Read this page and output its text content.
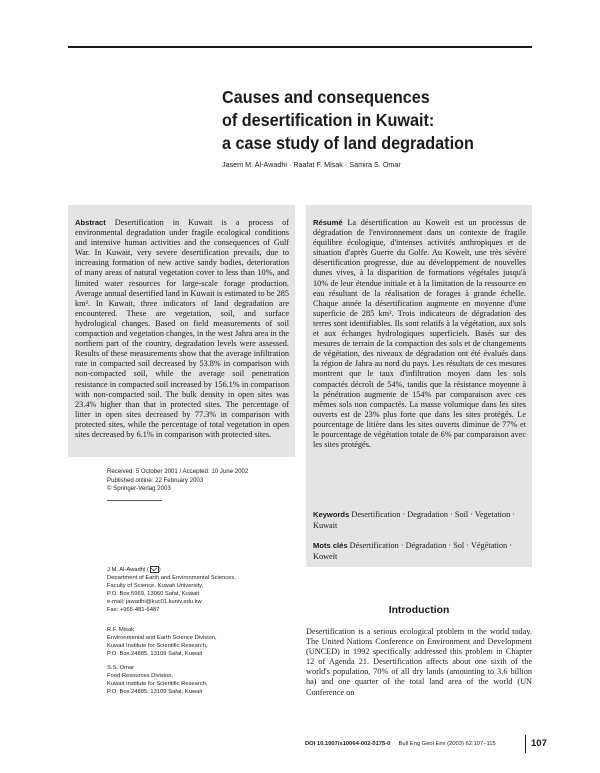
Causes and consequences
of desertification in Kuwait:
a case study of land degradation
Jasem M. Al-Awadhi · Raafat F. Misak · Samira S. Omar
Abstract Desertification in Kuwait is a process of environmental degradation under fragile ecological conditions and intensive human activities and the consequences of Gulf War. In Kuwait, very severe desertification prevails, due to increasing formation of new active sandy bodies, deterioration of many areas of natural vegetation cover to less than 10%, and limited water resources for large-scale forage production. Average annual desertified land in Kuwait is estimated to be 285 km². In Kuwait, three indicators of land degradation are encountered. These are vegetation, soil, and surface hydrological changes. Based on field measurements of soil compaction and vegetation changes, in the west Jahra area in the northern part of the country, degradation levels were assessed. Results of these measurements show that the average infiltration rate in compacted soil decreased by 53.8% in comparison with non-compacted soil, while the average soil penetration resistance in compacted soil increased by 156.1% in comparison with non-compacted soil. The bulk density in open sites was 23.4% higher than that in protected sites. The percentage of litter in open sites decreased by 77.3% in comparison with protected sites, while the percentage of total vegetation in open sites decreased by 6.1% in comparison with protected sites.
Résumé La désertification au Koweït est un processus de dégradation de l'environnement dans un contexte de fragile équilibre écologique, d'intenses activités anthropiques et de situation d'après Guerre du Golfe. Au Koweït, une très sévère désertification progresse, due au développement de nouvelles dunes vives, à la disparition de formations végétales jusqu'à 10% de leur étendue initiale et à la limitation de la ressource en eau résultant de la réalisation de forages à grande échelle. Chaque année la désertification augmente en moyenne d'une superficie de 285 km². Trois indicateurs de dégradation des terres sont identifiables. Ils sont relatifs à la végétation, aux sols et aux échanges hydrologiques superficiels. Basés sur des mesures de terrain de la compaction des sols et de changements de végétation, des niveaux de dégradation ont été évalués dans la région de Jahra au nord du pays. Les résultats de ces mesures montrent que le taux d'infiltration moyen dans les sols compactés décroît de 54%, tandis que la résistance moyenne à la pénétration augmente de 154% par comparaison avec ces mêmes sols non compactés. La masse volumique dans les sites ouverts est de 23% plus forte que dans les sites protégés. Le pourcentage de litière dans les sites ouverts diminue de 77% et le pourcentage de végétation totale de 6% par comparaison avec les sites protégés.
Keywords Desertification · Degradation · Soil · Vegetation · Kuwait
Mots clés Désertification · Dégradation · Sol · Végétation · Koweït
Received: 5 October 2001 / Accepted: 10 June 2002
Published online: 22 February 2003
© Springer-Verlag 2003
J.M. Al-Awadhi ( )
Department of Earth and Environmental Sciences,
Faculty of Science, Kuwait University,
P.O. Box 5969, 13060 Safat, Kuwait
e-mail: jawadhi@kuc01.kuniv.edu.kw
Fax: +965-481-6487
R.F. Misak
Environmental and Earth Science Division,
Kuwait Institute for Scientific Research,
P.O. Box 24885, 13109 Safat, Kuwait
S.S. Omar
Food Resources Division,
Kuwait Institute for Scientific Research,
P.O. Box 24885, 13109 Safat, Kuwait
Introduction
Desertification is a serious ecological problem in the world today. The United Nations Conference on Environment and Development (UNCED) in 1992 specifically addressed this problem in Chapter 12 of Agenda 21. Desertification affects about one sixth of the world's population, 70% of all dry lands (amounting to 3.6 billion ha) and one quarter of the total land area of the world (UN Conference on
DOI 10.1007/s10064-002-0175-0 Bull Eng Geol Env (2003) 62:107–115	107
